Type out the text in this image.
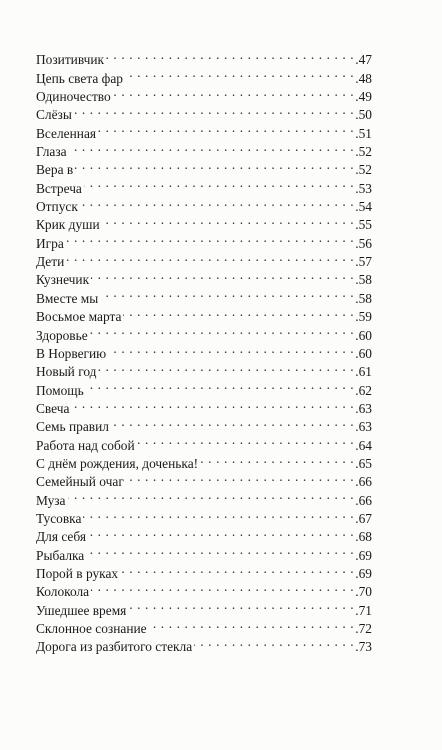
Позитивчик . . .	.47
Цепь света фар . . .	.48
Одиночество . . .	.49
Слёзы . . .	.50
Вселенная . . .	.51
Глаза . . .	.52
Вера в . . .	.52
Встреча . . .	.53
Отпуск . . .	.54
Крик души . . .	.55
Игра . . .	.56
Дети . . .	.57
Кузнечик . . .	.58
Вместе мы . . .	.58
Восьмое марта . . .	.59
Здоровье . . .	.60
В Норвегию . . .	.60
Новый год . . .	.61
Помощь . . .	.62
Свеча . . .	.63
Семь правил . . .	.63
Работа над собой . . .	.64
С днём рождения, доченька! . . .	.65
Семейный очаг . . .	.66
Муза . . .	.66
Тусовка . . .	.67
Для себя . . .	.68
Рыбалка . . .	.69
Порой в руках . . .	.69
Колокола . . .	.70
Ушедшее время . . .	.71
Склонное сознание . . .	.72
Дорога из разбитого стекла . . .	.73
